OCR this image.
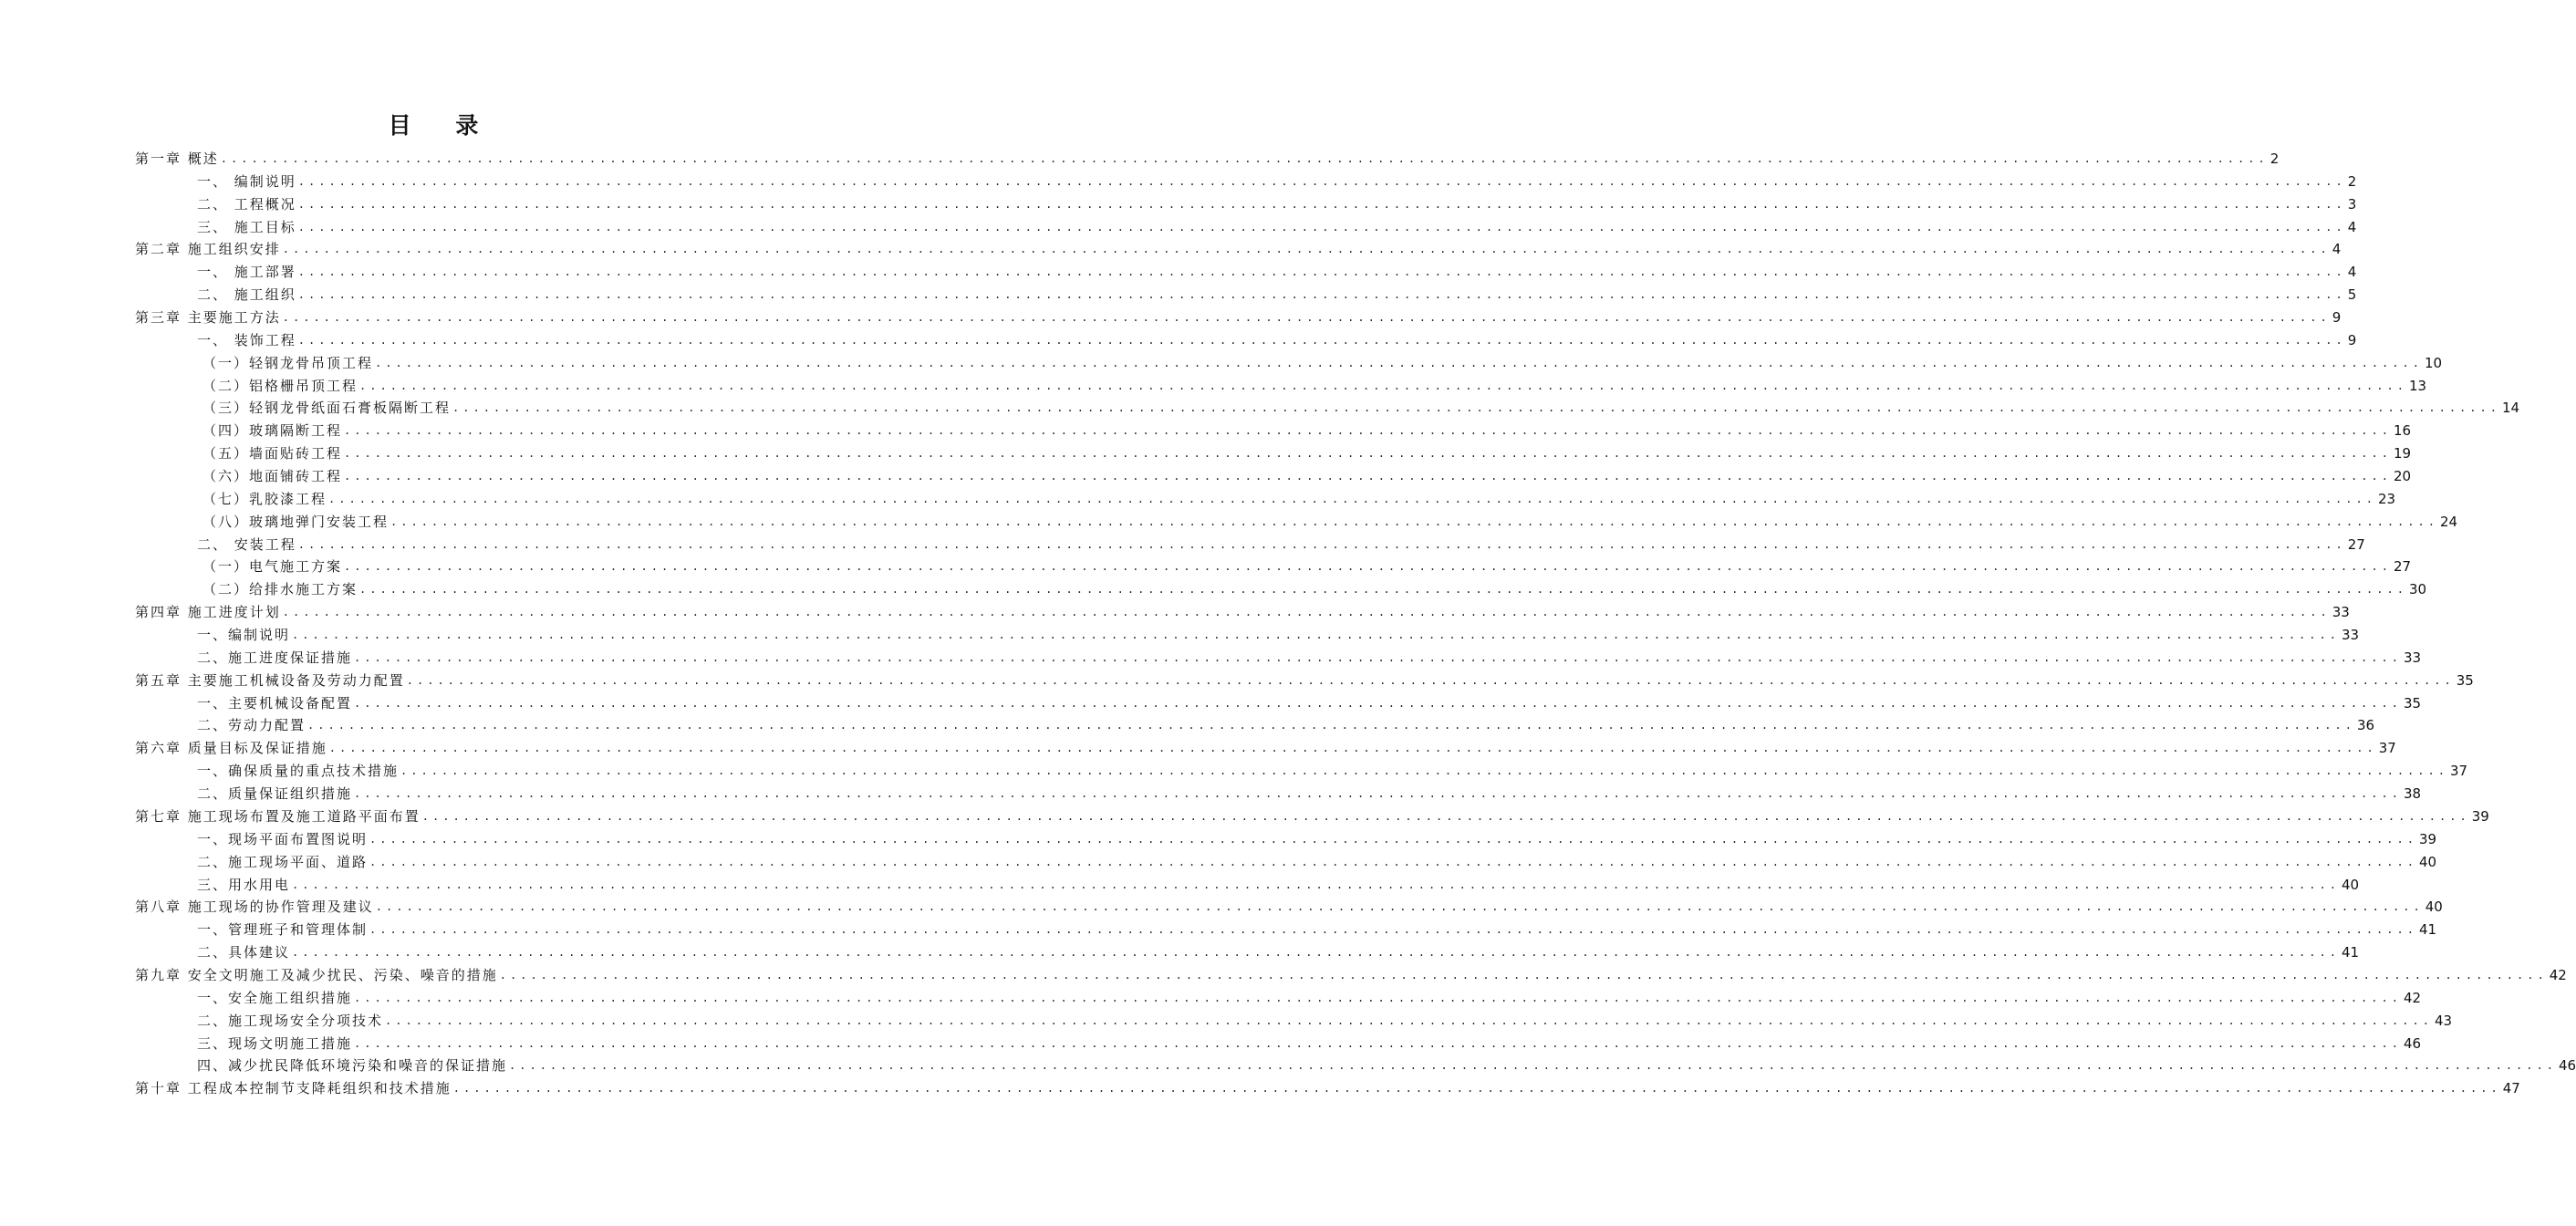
目 录
第一章 概述 ........................................................................................................................................................................................................ 2
一、 编制说明 ........................................................................................................................................................................................................ 2
二、 工程概况 ........................................................................................................................................................................................................ 3
三、 施工目标 ........................................................................................................................................................................................................ 4
第二章 施工组织安排 ........................................................................................................................................................................................................ 4
一、 施工部署 ........................................................................................................................................................................................................ 4
二、 施工组织 ........................................................................................................................................................................................................ 5
第三章 主要施工方法 ........................................................................................................................................................................................................ 9
一、 装饰工程 ........................................................................................................................................................................................................ 9
（一）轻钢龙骨吊顶工程 ........................................................................................................................................................................................................ 10
（二）铝格栅吊顶工程 ........................................................................................................................................................................................................ 13
（三）轻钢龙骨纸面石膏板隔断工程 ........................................................................................................................................................................................................ 14
（四）玻璃隔断工程 ........................................................................................................................................................................................................ 16
（五）墙面贴砖工程 ........................................................................................................................................................................................................ 19
（六）地面铺砖工程 ........................................................................................................................................................................................................ 20
（七）乳胶漆工程 ........................................................................................................................................................................................................ 23
（八）玻璃地弹门安装工程 ........................................................................................................................................................................................................ 24
二、 安装工程 ........................................................................................................................................................................................................ 27
（一）电气施工方案 ........................................................................................................................................................................................................ 27
（二）给排水施工方案 ........................................................................................................................................................................................................ 30
第四章 施工进度计划 ........................................................................................................................................................................................................ 33
一、编制说明 ........................................................................................................................................................................................................ 33
二、施工进度保证措施 ........................................................................................................................................................................................................ 33
第五章 主要施工机械设备及劳动力配置 ........................................................................................................................................................................................................ 35
一、主要机械设备配置 ........................................................................................................................................................................................................ 35
二、劳动力配置 ........................................................................................................................................................................................................ 36
第六章 质量目标及保证措施 ........................................................................................................................................................................................................ 37
一、确保质量的重点技术措施 ........................................................................................................................................................................................................ 37
二、质量保证组织措施 ........................................................................................................................................................................................................ 38
第七章 施工现场布置及施工道路平面布置 ........................................................................................................................................................................................................ 39
一、现场平面布置图说明 ........................................................................................................................................................................................................ 39
二、施工现场平面、道路 ........................................................................................................................................................................................................ 40
三、用水用电 ........................................................................................................................................................................................................ 40
第八章 施工现场的协作管理及建议 ........................................................................................................................................................................................................ 40
一、管理班子和管理体制 ........................................................................................................................................................................................................ 41
二、具体建议 ........................................................................................................................................................................................................ 41
第九章 安全文明施工及减少扰民、污染、噪音的措施 ........................................................................................................................................................................................................ 42
一、安全施工组织措施 ........................................................................................................................................................................................................ 42
二、施工现场安全分项技术 ........................................................................................................................................................................................................ 43
三、现场文明施工措施 ........................................................................................................................................................................................................ 46
四、减少扰民降低环境污染和噪音的保证措施 ........................................................................................................................................................................................................ 46
第十章 工程成本控制节支降耗组织和技术措施 ........................................................................................................................................................................................................ 47
